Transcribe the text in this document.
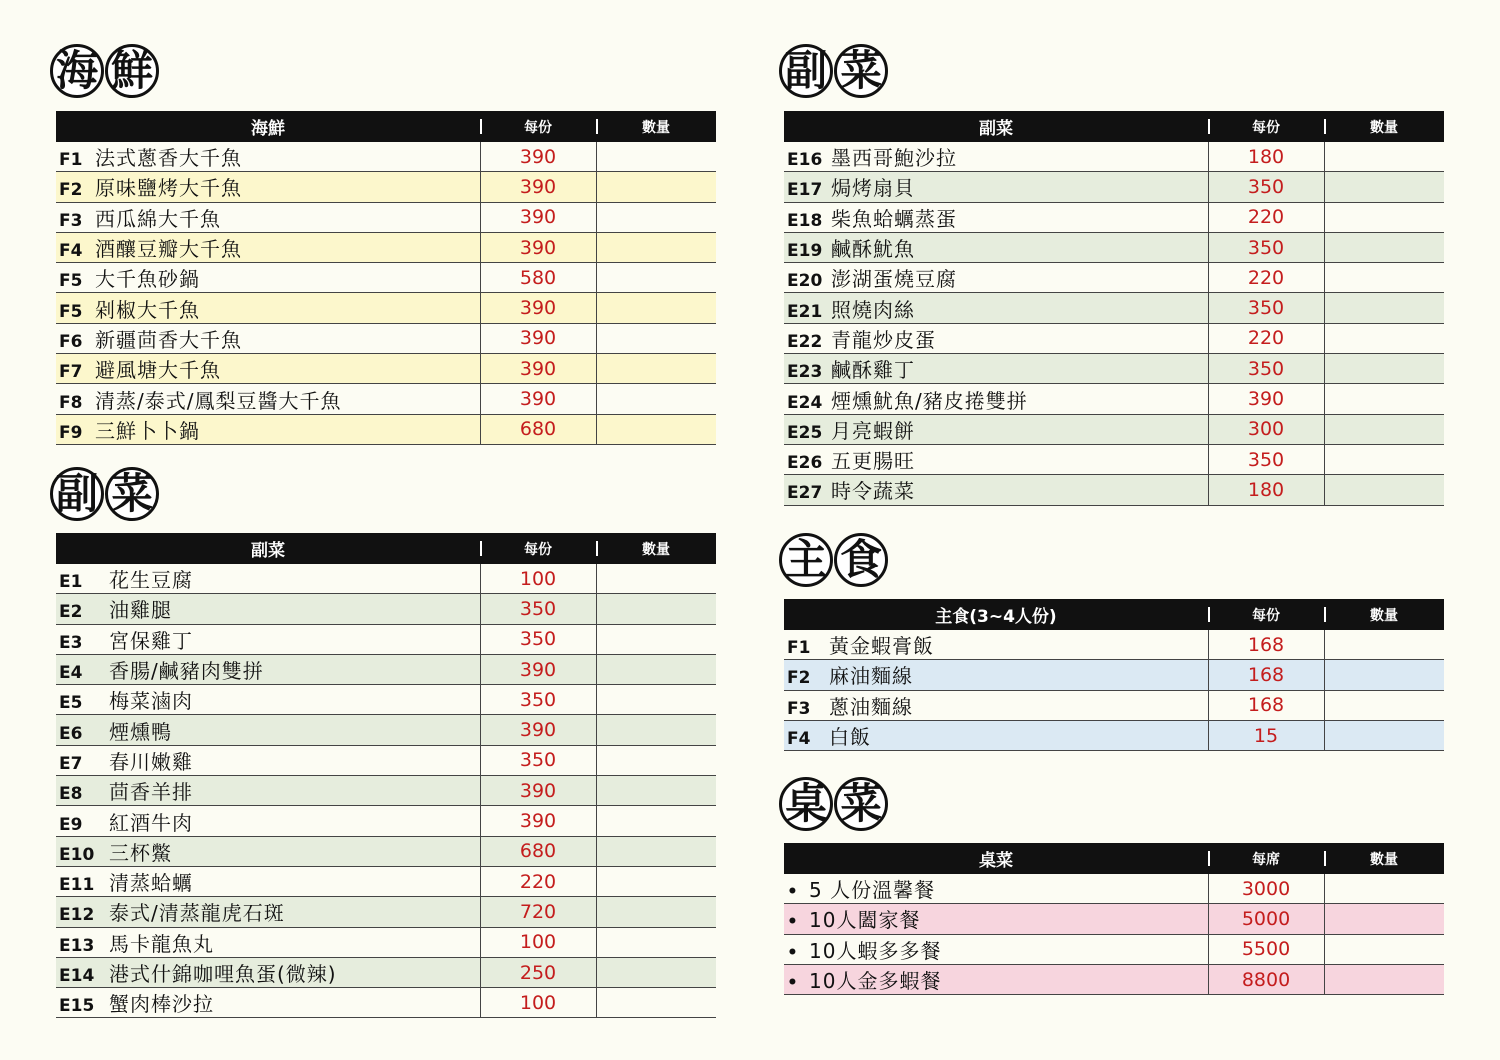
海 鮮
海鮮	每份	數量
F1 法式蔥香大千魚	390	
F2 原味鹽烤大千魚	390	
F3 西瓜綿大千魚	390	
F4 酒釀豆瓣大千魚	390	
F5 大千魚砂鍋	580	
F5 剁椒大千魚	390	
F6 新疆茴香大千魚	390	
F7 避風塘大千魚	390	
F8 清蒸/泰式/鳳梨豆醬大千魚	390	
F9 三鮮卜卜鍋	680	
副 菜
副菜	每份	數量
E1 花生豆腐	100	
E2 油雞腿	350	
E3 宮保雞丁	350	
E4 香腸/鹹豬肉雙拼	390	
E5 梅菜滷肉	350	
E6 煙燻鴨	390	
E7 春川嫩雞	350	
E8 茴香羊排	390	
E9 紅酒牛肉	390	
E10 三杯鱉	680	
E11 清蒸蛤蠣	220	
E12 泰式/清蒸龍虎石斑	720	
E13 馬卡龍魚丸	100	
E14 港式什錦咖哩魚蛋(微辣)	250	
E15 蟹肉棒沙拉	100	
副 菜
副菜	每份	數量
E16 墨西哥鮑沙拉	180	
E17 焗烤扇貝	350	
E18 柴魚蛤蠣蒸蛋	220	
E19 鹹酥魷魚	350	
E20 澎湖蛋燒豆腐	220	
E21 照燒肉絲	350	
E22 青龍炒皮蛋	220	
E23 鹹酥雞丁	350	
E24 煙燻魷魚/豬皮捲雙拼	390	
E25 月亮蝦餅	300	
E26 五更腸旺	350	
E27 時令蔬菜	180	
主 食
主食(3~4人份)	每份	數量
F1 黃金蝦膏飯	168	
F2 麻油麵線	168	
F3 蔥油麵線	168	
F4 白飯	15	
桌 菜
桌菜	每席	數量
• 5 人份溫馨餐	3000	
• 10人闔家餐	5000	
• 10人蝦多多餐	5500	
• 10人金多蝦餐	8800	
